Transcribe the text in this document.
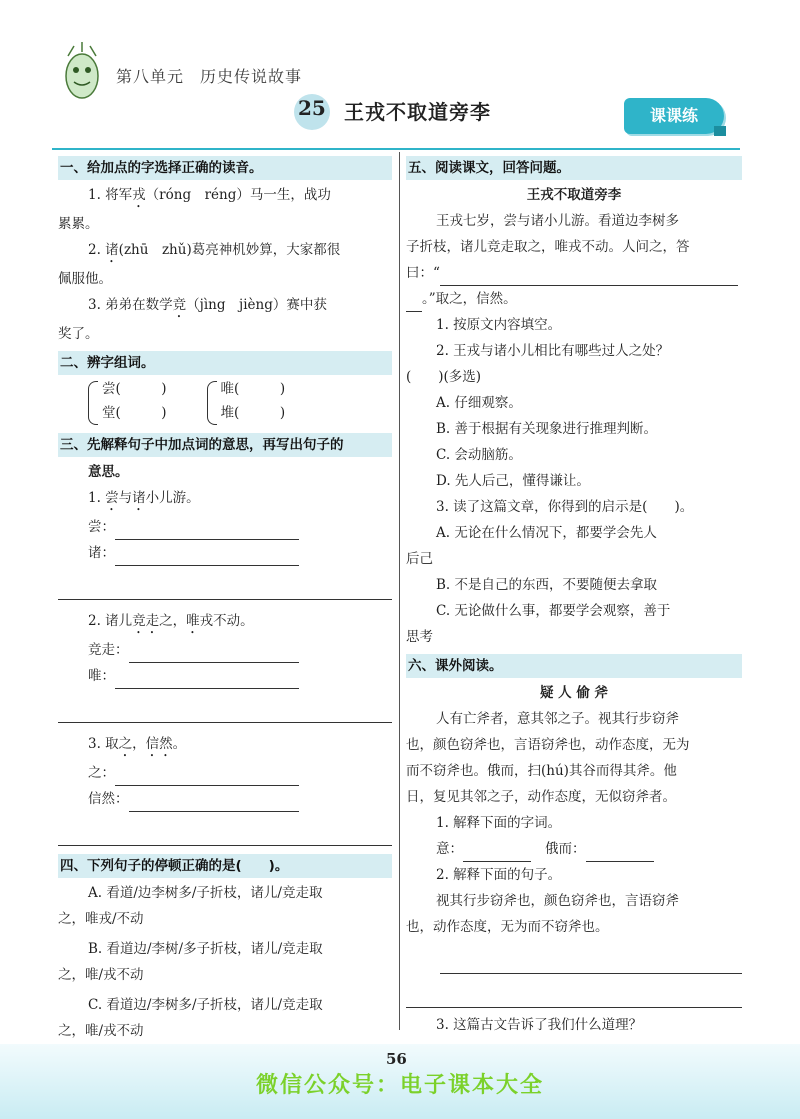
第八单元 历史传说故事
25 王戎不取道旁李	课课练
一、给加点的字选择正确的读音。
1. 将军戎（róng　réng）马一生，战功
累累。
2. 诸(zhū　zhǔ)葛亮神机妙算，大家都很
佩服他。
3. 弟弟在数学竞（jìng　jièng）赛中获
奖了。
二、辨字组词。
尝(　　　)
堂(　　　)
唯(　　　)
堆(　　　)
三、先解释句子中加点词的意思，再写出句子的
意思。
1. 尝与诸小儿游。
尝：
诸：
2. 诸儿竞走之，唯戎不动。
竞走：
唯：
3. 取之，信然。
之：
信然：
四、下列句子的停顿正确的是(　　)。
A. 看道/边李树多/子折枝，诸儿/竞走取
之，唯戎/不动
B. 看道边/李树/多子折枝，诸儿/竞走取
之，唯/戎不动
C. 看道边/李树多/子折枝，诸儿/竞走取
之，唯/戎不动
五、阅读课文，回答问题。
王戎不取道旁李
王戎七岁，尝与诸小儿游。看道边李树多
子折枝，诸儿竞走取之，唯戎不动。人问之，答
曰：“
。”取之，信然。
1. 按原文内容填空。
2. 王戎与诸小儿相比有哪些过人之处？
(　　)(多选)
A. 仔细观察。
B. 善于根据有关现象进行推理判断。
C. 会动脑筋。
D. 先人后己，懂得谦让。
3. 读了这篇文章，你得到的启示是(　　)。
A. 无论在什么情况下，都要学会先人
后己
B. 不是自己的东西，不要随便去拿取
C. 无论做什么事，都要学会观察，善于
思考
六、课外阅读。
疑 人 偷 斧
人有亡斧者，意其邻之子。视其行步窃斧
也，颜色窃斧也，言语窃斧也，动作态度，无为
而不窃斧也。俄而，扫(hú)其谷而得其斧。他
日，复见其邻之子，动作态度，无似窃斧者。
1. 解释下面的字词。
意：	俄而：
2. 解释下面的句子。
视其行步窃斧也，颜色窃斧也，言语窃斧
也，动作态度，无为而不窃斧也。
3. 这篇古文告诉了我们什么道理？
56
微信公众号：电子课本大全
